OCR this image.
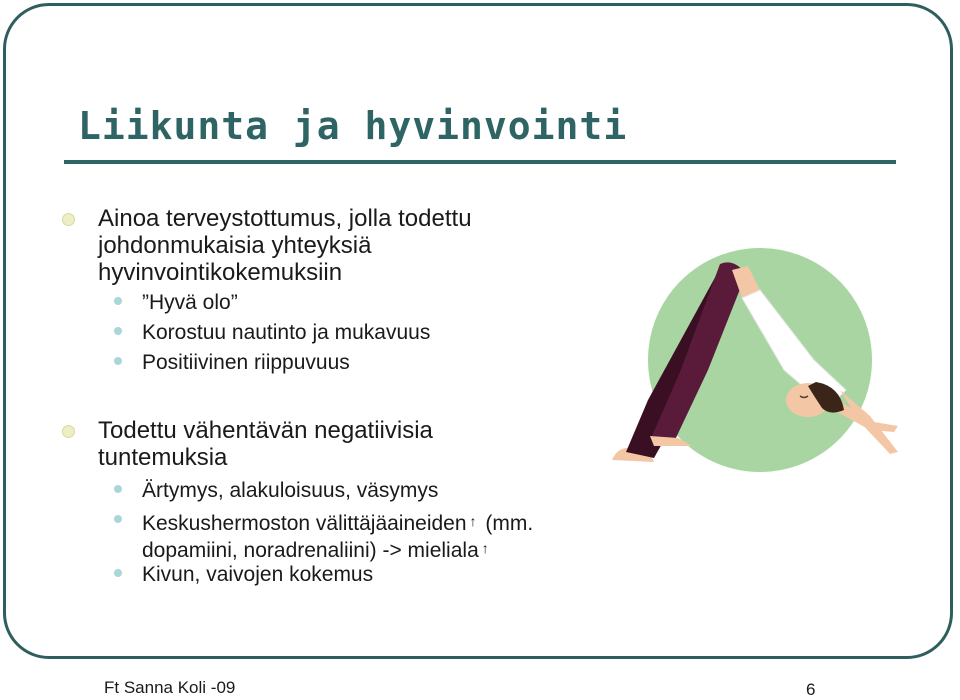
Liikunta ja hyvinvointi
Ainoa terveystottumus, jolla todettu johdonmukaisia yhteyksiä hyvinvointikokemuksiin
”Hyvä olo”
Korostuu nautinto ja mukavuus
Positiivinen riippuvuus
Todettu vähentävän negatiivisia tuntemuksia
Ärtymys, alakuloisuus, väsymys
Keskushermoston välittäjäaineiden ↑ (mm. dopamiini, noradrenaliini) -> mieliala ↑
Kivun, vaivojen kokemus
Ft Sanna Koli -09	6
